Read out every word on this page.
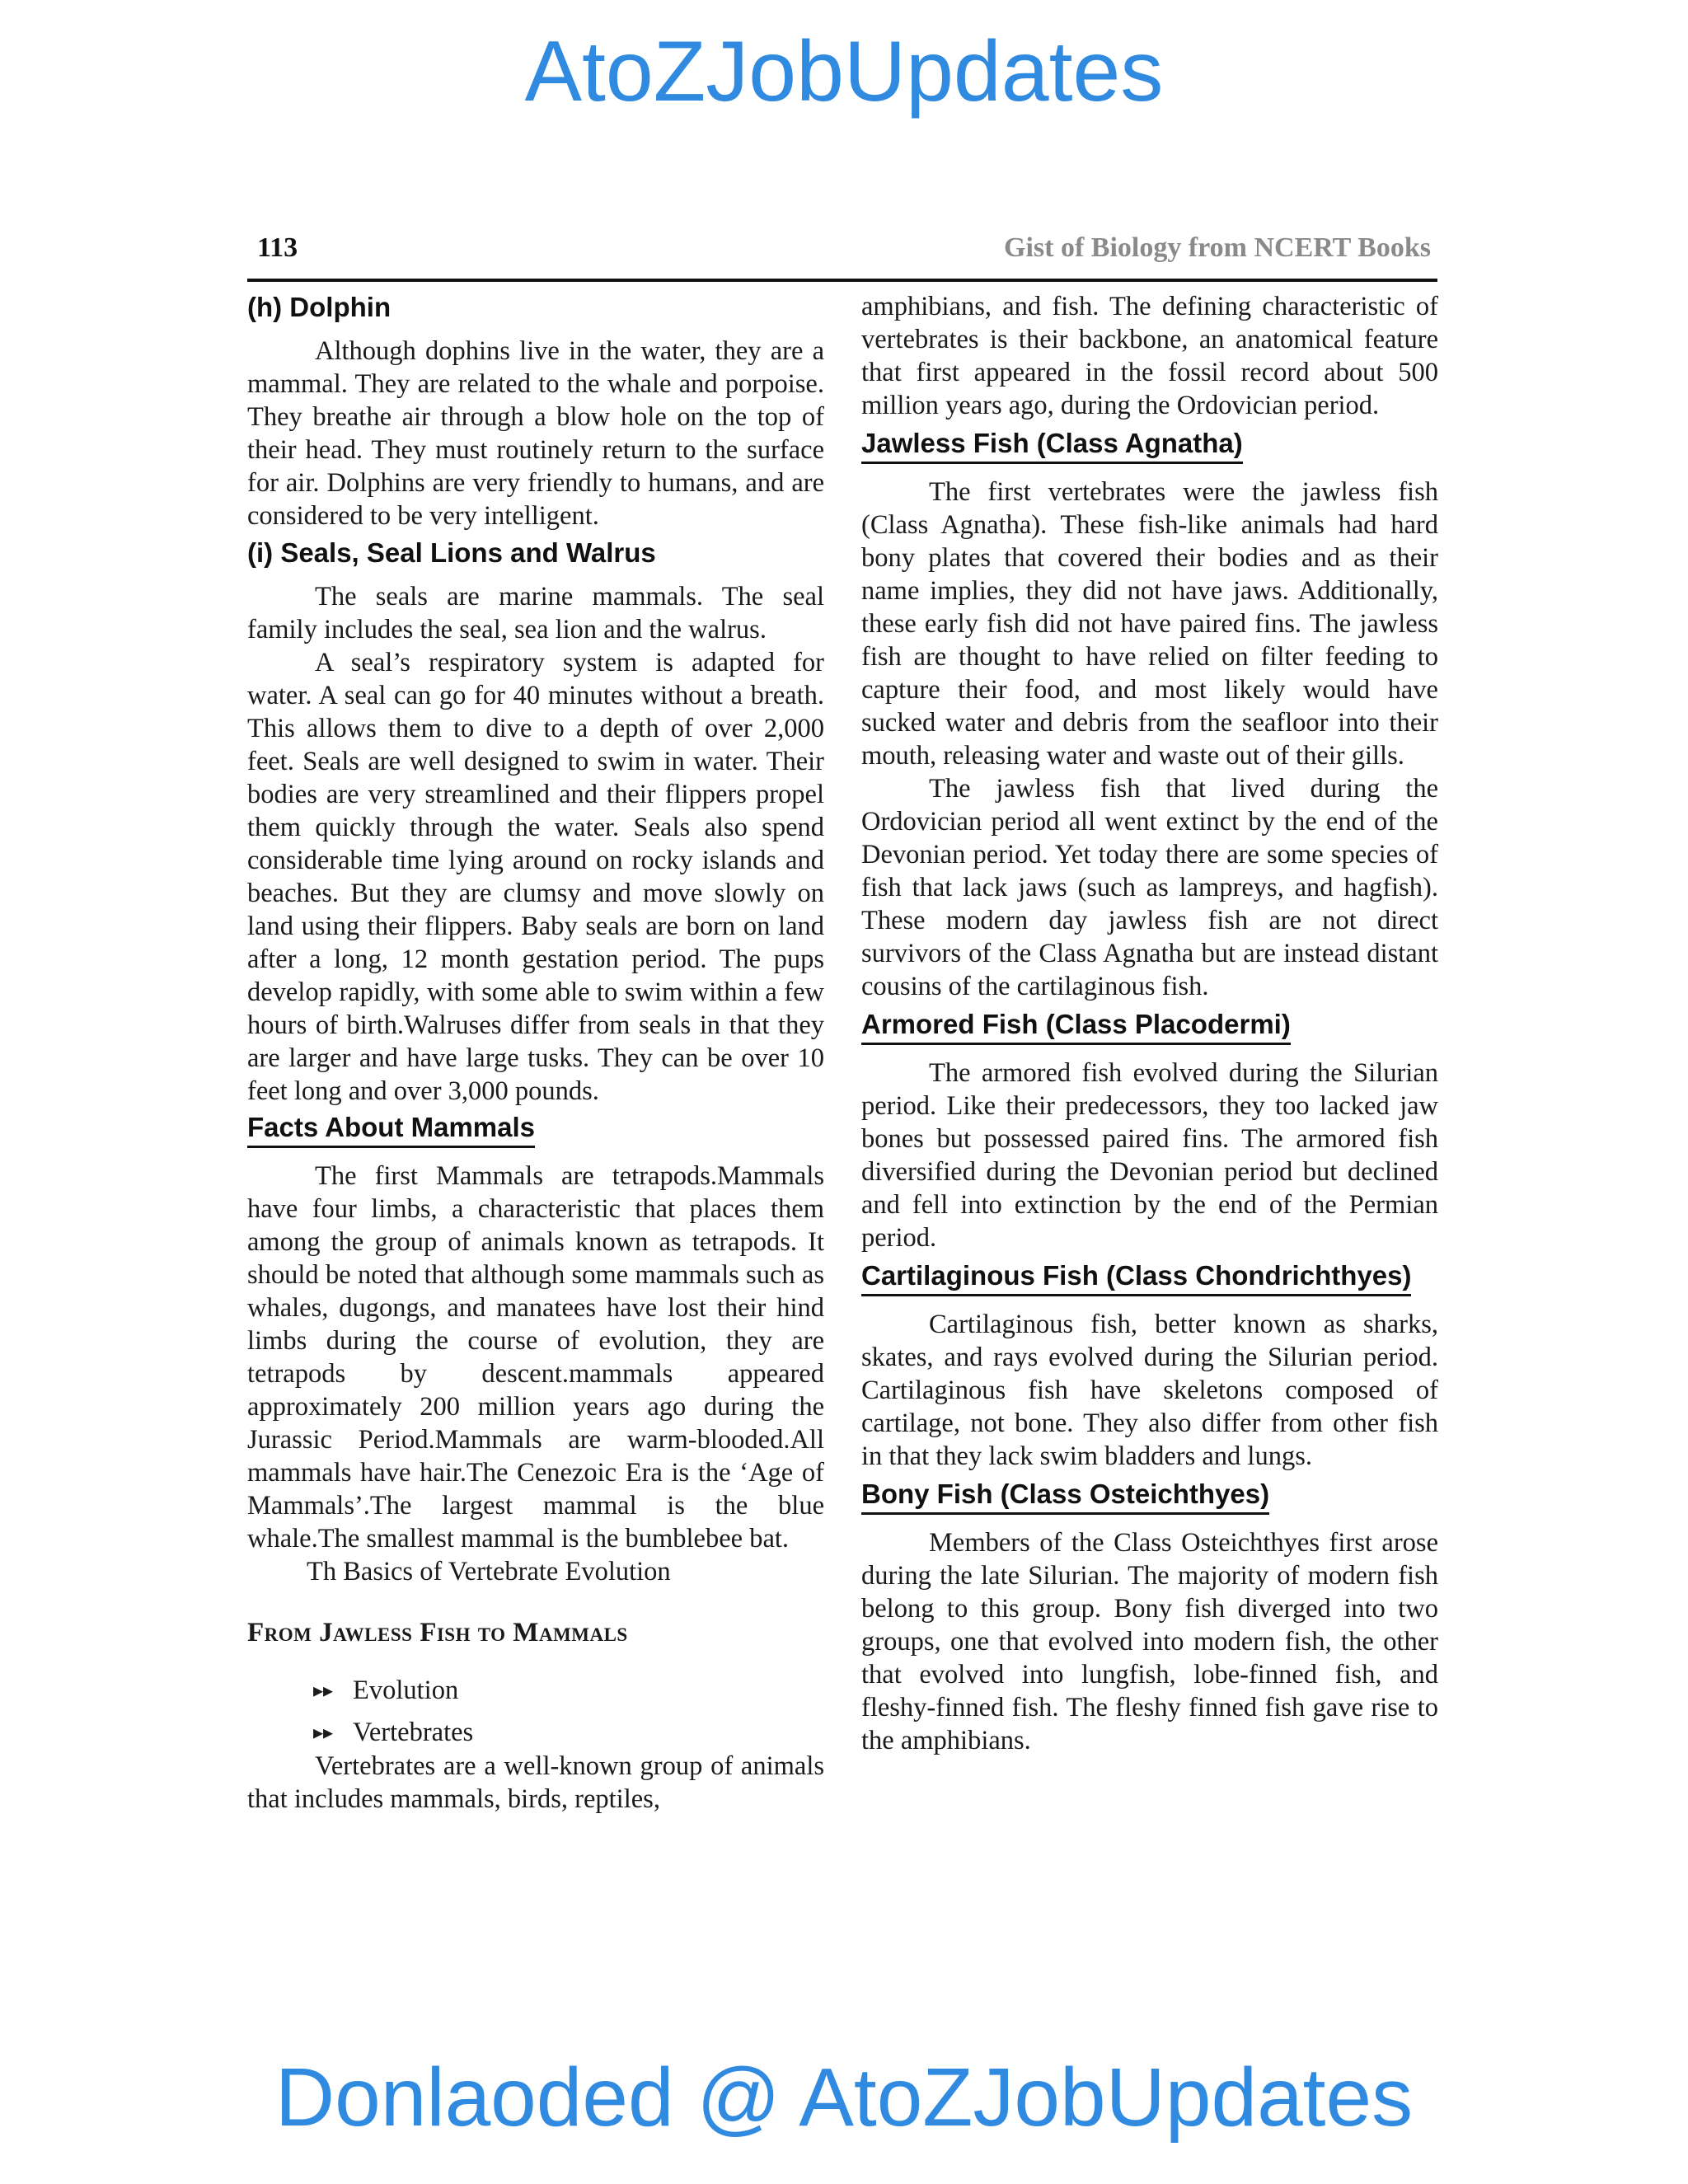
AtoZJobUpdates
113	Gist of Biology from NCERT Books
(h) Dolphin

Although dophins live in the water, they are a mammal. They are related to the whale and porpoise. They breathe air through a blow hole on the top of their head. They must routinely return to the surface for air. Dolphins are very friendly to humans, and are considered to be very intelligent.

(i) Seals, Seal Lions and Walrus

The seals are marine mammals. The seal family includes the seal, sea lion and the walrus.

A seal’s respiratory system is adapted for water. A seal can go for 40 minutes without a breath. This allows them to dive to a depth of over 2,000 feet. Seals are well designed to swim in water. Their bodies are very streamlined and their flippers propel them quickly through the water. Seals also spend considerable time lying around on rocky islands and beaches. But they are clumsy and move slowly on land using their flippers. Baby seals are born on land after a long, 12 month gestation period. The pups develop rapidly, with some able to swim within a few hours of birth.Walruses differ from seals in that they are larger and have large tusks. They can be over 10 feet long and over 3,000 pounds.

Facts About Mammals

The first Mammals are tetrapods.Mammals have four limbs, a characteristic that places them among the group of animals known as tetrapods. It should be noted that although some mammals such as whales, dugongs, and manatees have lost their hind limbs during the course of evolution, they are tetrapods by descent.mammals appeared approximately 200 million years ago during the Jurassic Period.Mammals are warm-blooded.All mammals have hair.The Cenezoic Era is the ‘Age of Mammals’.The largest mammal is the blue whale.The smallest mammal is the bumblebee bat.

Th Basics of Vertebrate Evolution
From Jawless Fish to Mammals
▸▸ Evolution
▸▸ Vertebrates

Vertebrates are a well-known group of animals that includes mammals, birds, reptiles,

amphibians, and fish. The defining characteristic of vertebrates is their backbone, an anatomical feature that first appeared in the fossil record about 500 million years ago, during the Ordovician period.

Jawless Fish (Class Agnatha)

The first vertebrates were the jawless fish (Class Agnatha). These fish-like animals had hard bony plates that covered their bodies and as their name implies, they did not have jaws. Additionally, these early fish did not have paired fins. The jawless fish are thought to have relied on filter feeding to capture their food, and most likely would have sucked water and debris from the seafloor into their mouth, releasing water and waste out of their gills.

The jawless fish that lived during the Ordovician period all went extinct by the end of the Devonian period. Yet today there are some species of fish that lack jaws (such as lampreys, and hagfish). These modern day jawless fish are not direct survivors of the Class Agnatha but are instead distant cousins of the cartilaginous fish.

Armored Fish (Class Placodermi)

The armored fish evolved during the Silurian period. Like their predecessors, they too lacked jaw bones but possessed paired fins. The armored fish diversified during the Devonian period but declined and fell into extinction by the end of the Permian period.

Cartilaginous Fish (Class Chondrichthyes)

Cartilaginous fish, better known as sharks, skates, and rays evolved during the Silurian period. Cartilaginous fish have skeletons composed of cartilage, not bone. They also differ from other fish in that they lack swim bladders and lungs.

Bony Fish (Class Osteichthyes)

Members of the Class Osteichthyes first arose during the late Silurian. The majority of modern fish belong to this group. Bony fish diverged into two groups, one that evolved into modern fish, the other that evolved into lungfish, lobe-finned fish, and fleshy-finned fish. The fleshy finned fish gave rise to the amphibians.

Donlaoded @ AtoZJobUpdates
